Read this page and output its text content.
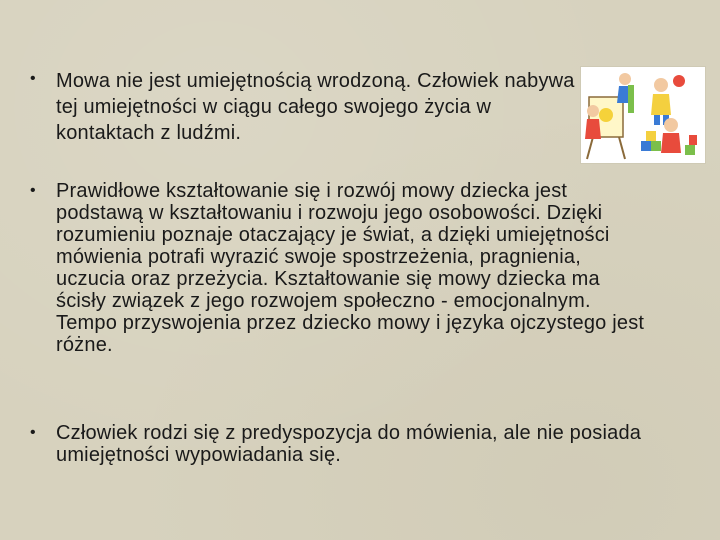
• Mowa nie jest umiejętnością wrodzoną. Człowiek nabywa tej umiejętności w ciągu całego swojego życia w kontaktach z ludźmi.
• Prawidłowe kształtowanie się i rozwój mowy dziecka jest podstawą w kształtowaniu i rozwoju jego osobowości. Dzięki rozumieniu poznaje otaczający je świat, a dzięki umiejętności mówienia potrafi wyrazić swoje spostrzeżenia, pragnienia, uczucia oraz przeżycia. Kształtowanie się mowy dziecka ma ścisły związek z jego rozwojem społeczno - emocjonalnym. Tempo przyswojenia przez dziecko mowy i języka ojczystego jest różne.
• Człowiek rodzi się z predyspozycja do mówienia, ale nie posiada umiejętności wypowiadania się.
